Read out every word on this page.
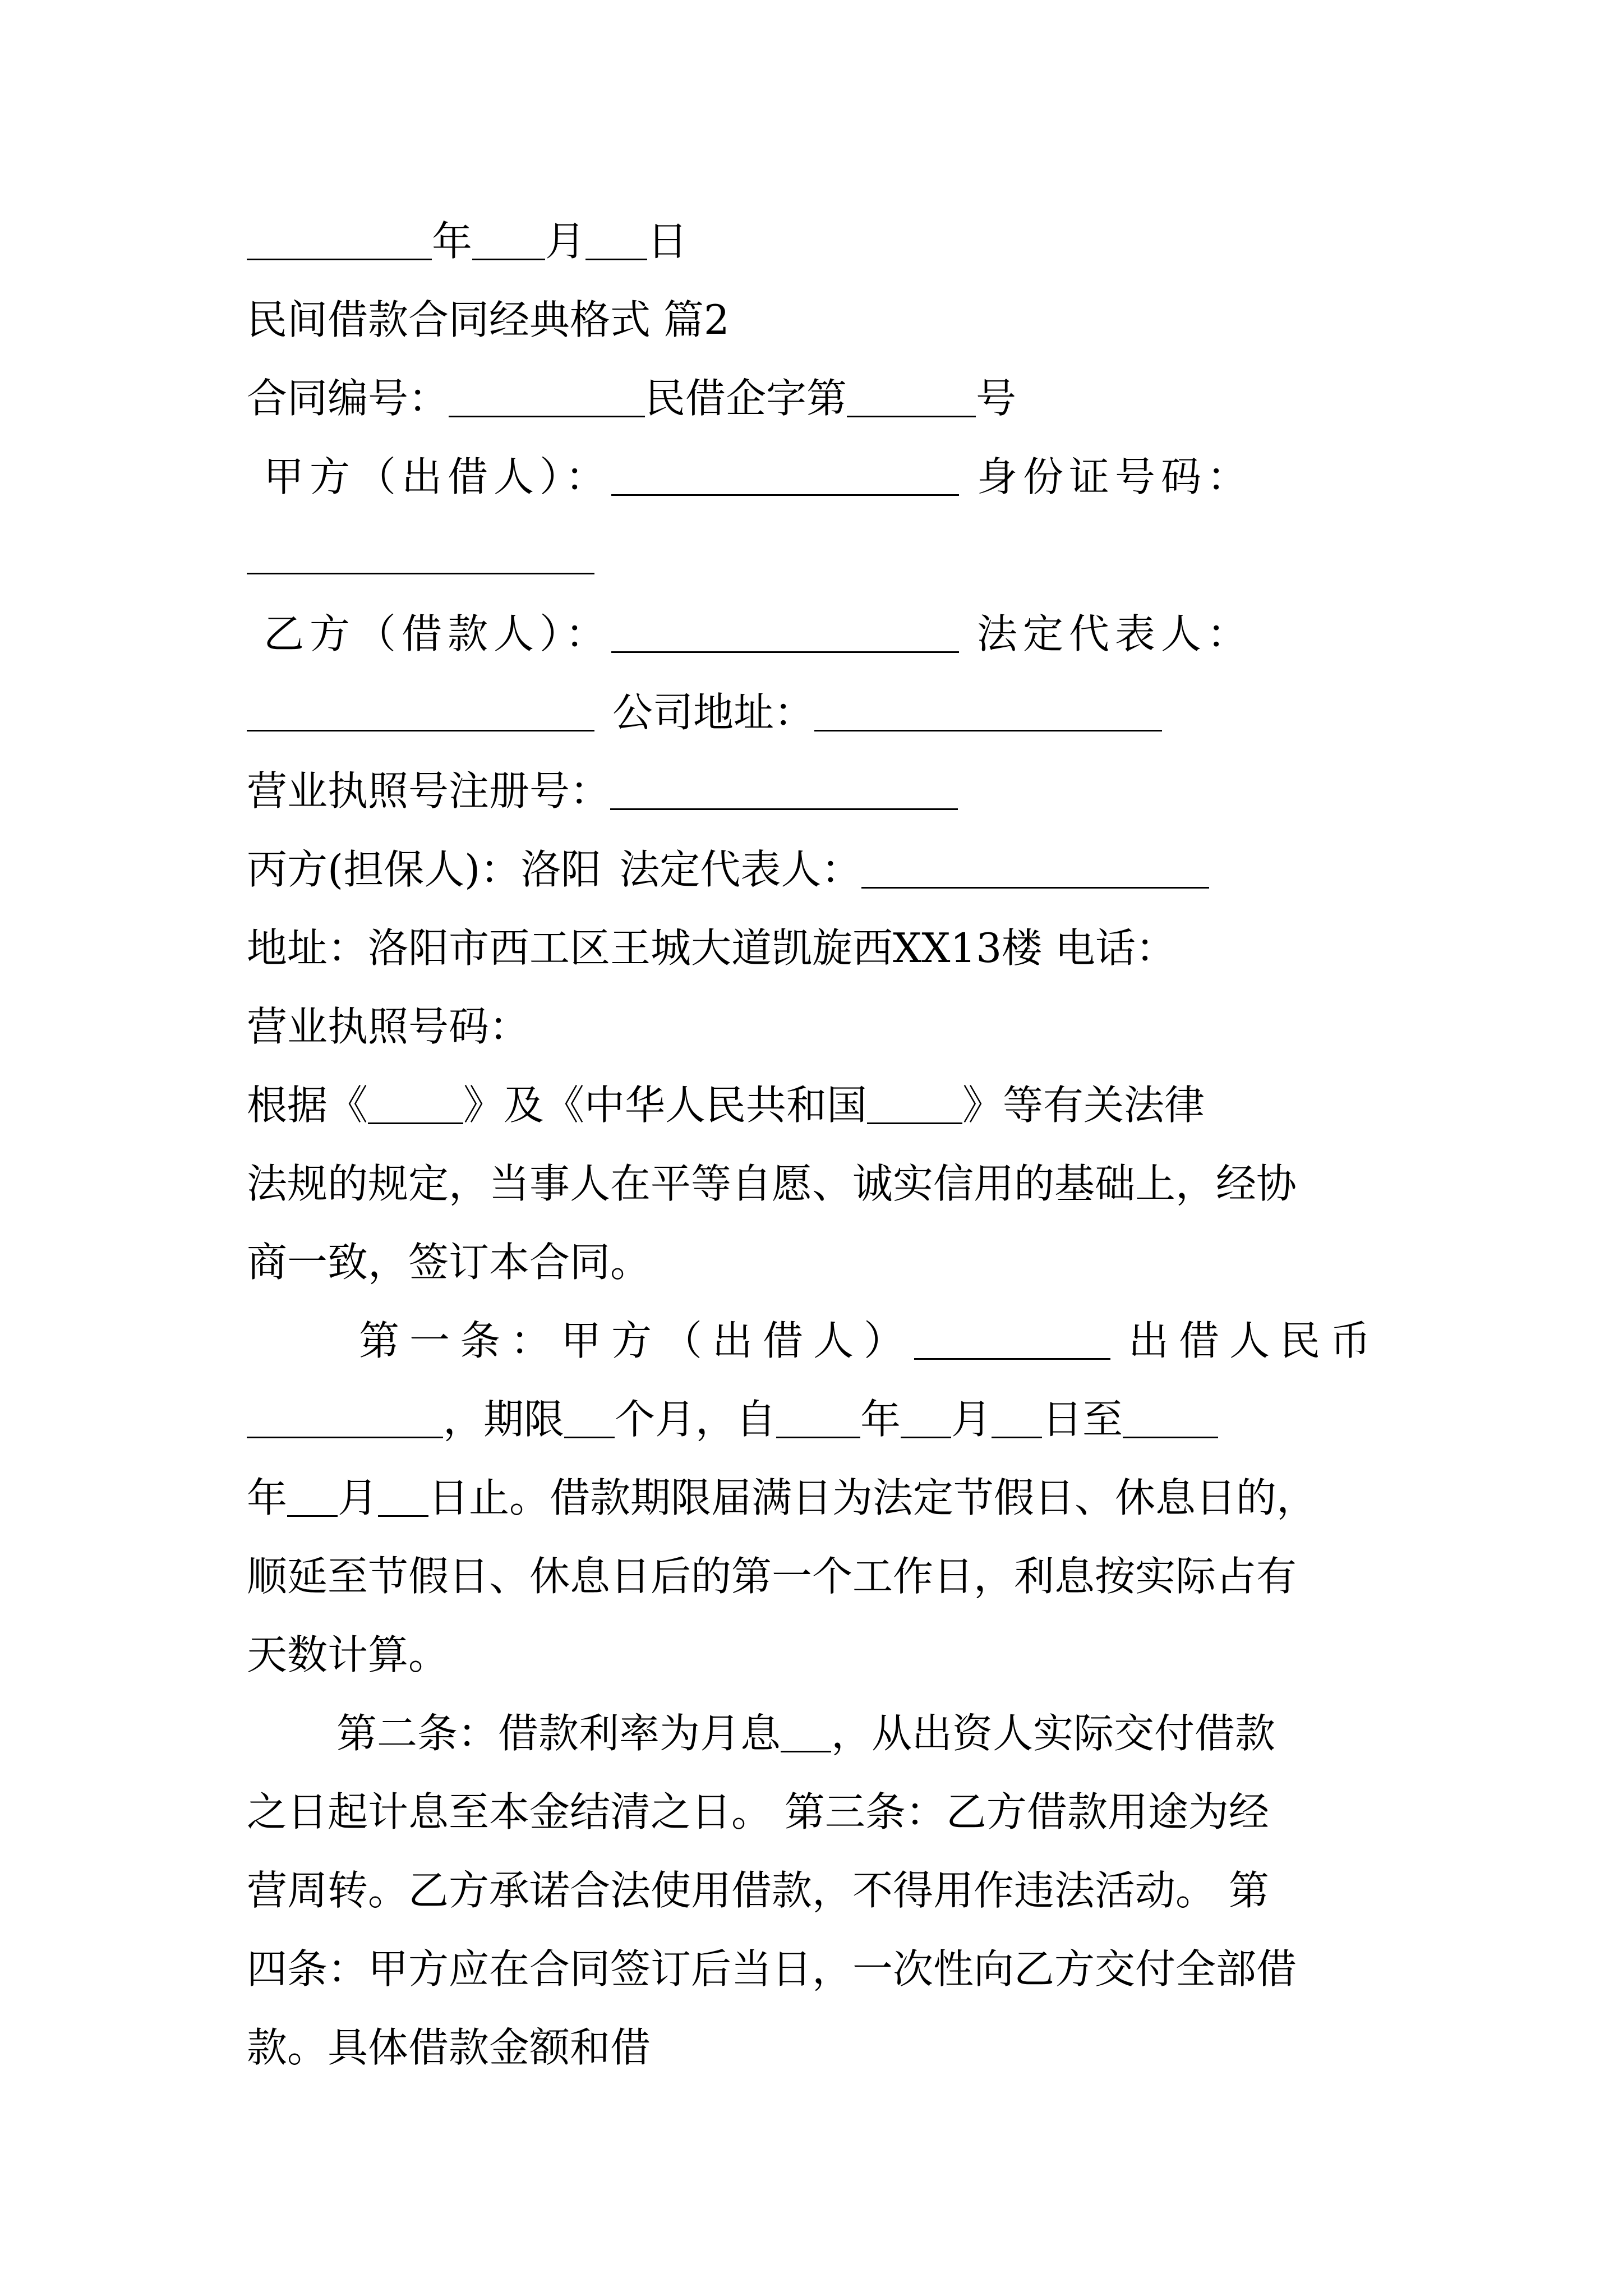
年 月 日
民间借款合同经典格式 篇2
合同编号：	民借企字第	号
甲方（出借人）：	身份证号码：
乙方（借款人）：	法定代表人：
公司地址：
营业执照号注册号：
丙方(担保人)：洛阳 法定代表人：
地址：洛阳市西工区王城大道凯旋西XX13楼 电话：
营业执照号码：
根据《 》及《中华人民共和国 》等有关法律
法规的规定，当事人在平等自愿、诚实信用的基础上，经协
商一致，签订本合同。
第一条：甲方（出借人）	出借人民币
，期限 个月，自 年 月 日至
年 月 日止。借款期限届满日为法定节假日、休息日的，
顺延至节假日、休息日后的第一个工作日，利息按实际占有
天数计算。
第二条：借款利率为月息 ，从出资人实际交付借款
之日起计息至本金结清之日。 第三条：乙方借款用途为经
营周转。乙方承诺合法使用借款，不得用作违法活动。 第
四条：甲方应在合同签订后当日，一次性向乙方交付全部借
款。具体借款金额和借
